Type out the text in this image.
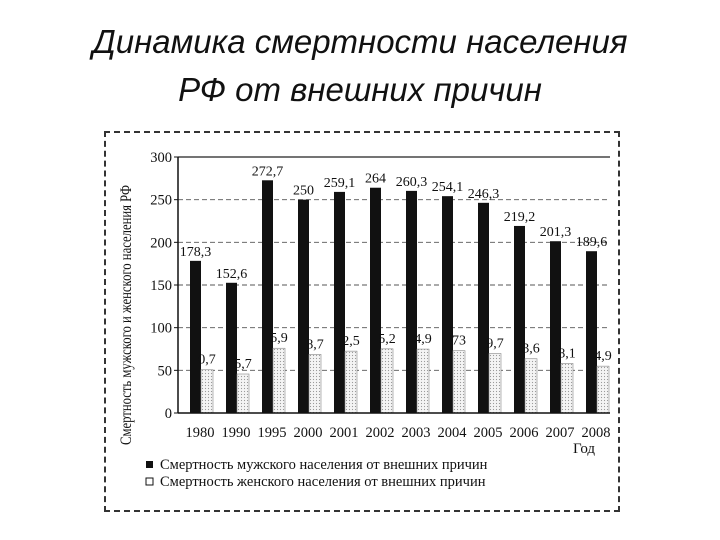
Динамика смертности населения
РФ от внешних причин
178,3
0,7
152,6
5,7
272,7
5,9
250
8,7
259,1
2,5
264
5,2
260,3
4,9
254,1
73
246,3
9,7
219,2
3,6
201,3
8,1
189,6
4,9
0
50
100
150
200
250
300
1980 1990 1995 2000 2001 2002 2003 2004 2005 2006 2007 2008
Смертность мужского и женского населения РФ
Год
Смертность мужского населения от внешних причин
Смертность женского населения от внешних причин
